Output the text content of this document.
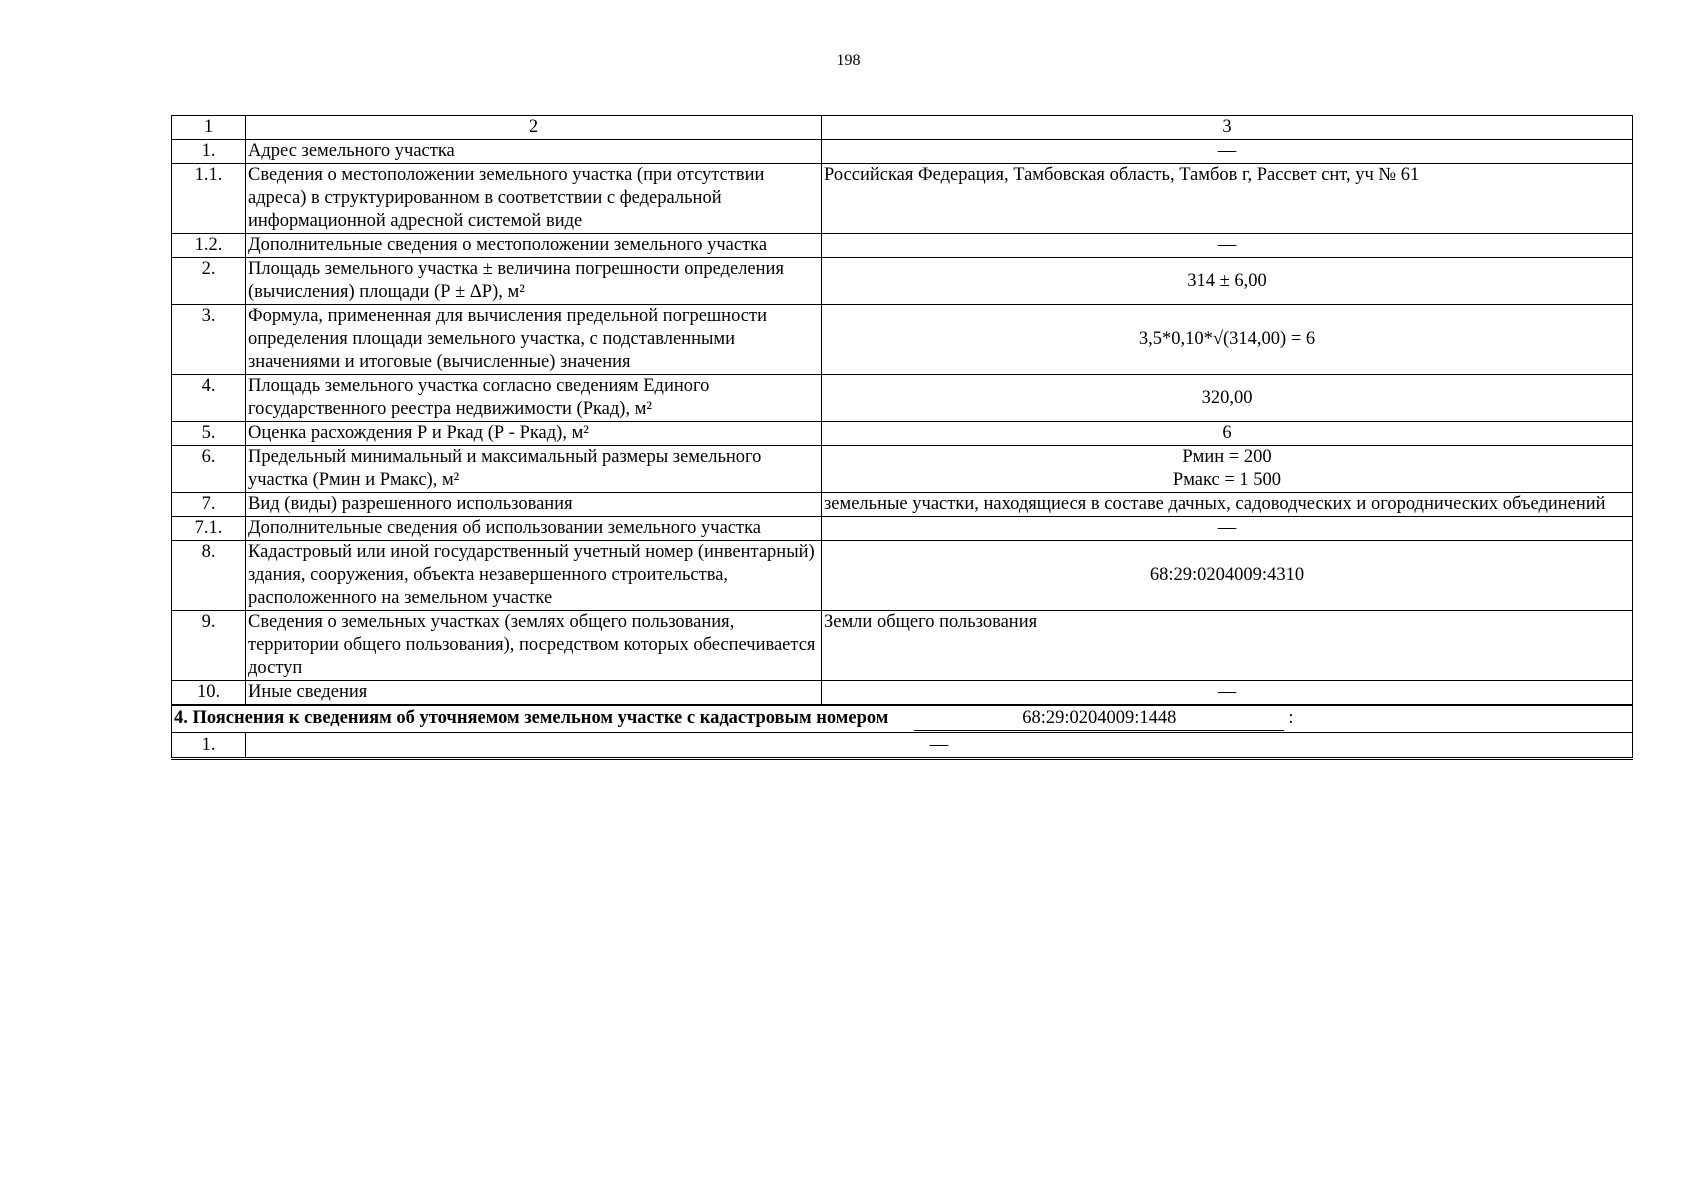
198
1	2	3
1.	Адрес земельного участка	—
1.1.	Сведения о местоположении земельного участка (при отсутствии адреса) в структурированном в соответствии с федеральной информационной адресной системой виде	Российская Федерация, Тамбовская область, Тамбов г, Рассвет снт, уч № 61
1.2.	Дополнительные сведения о местоположении земельного участка	—
2.	Площадь земельного участка ± величина погрешности определения (вычисления) площади (Р ± ΔР), м²	314 ± 6,00
3.	Формула, примененная для вычисления предельной погрешности определения площади земельного участка, с подставленными значениями и итоговые (вычисленные) значения	3,5*0,10*√(314,00) = 6
4.	Площадь земельного участка согласно сведениям Единого государственного реестра недвижимости (Ркад), м²	320,00
5.	Оценка расхождения Р и Ркад (Р - Ркад), м²	6
6.	Предельный минимальный и максимальный размеры земельного участка (Рмин и Рмакс), м²	Рмин = 200
Рмакс = 1 500

7.	Вид (виды) разрешенного использования	земельные участки, находящиеся в составе дачных, садоводческих и огороднических объединений
7.1.	Дополнительные сведения об использовании земельного участка	—
8.	Кадастровый или иной государственный учетный номер (инвентарный) здания, сооружения, объекта незавершенного строительства, расположенного на земельном участке	68:29:0204009:4310
9.	Сведения о земельных участках (землях общего пользования, территории общего пользования), посредством которых обеспечивается доступ	Земли общего пользования
10.	Иные сведения	—
4. Пояснения к сведениям об уточняемом земельном участке с кадастровым номером 68:29:0204009:1448 :		
1.	—	
